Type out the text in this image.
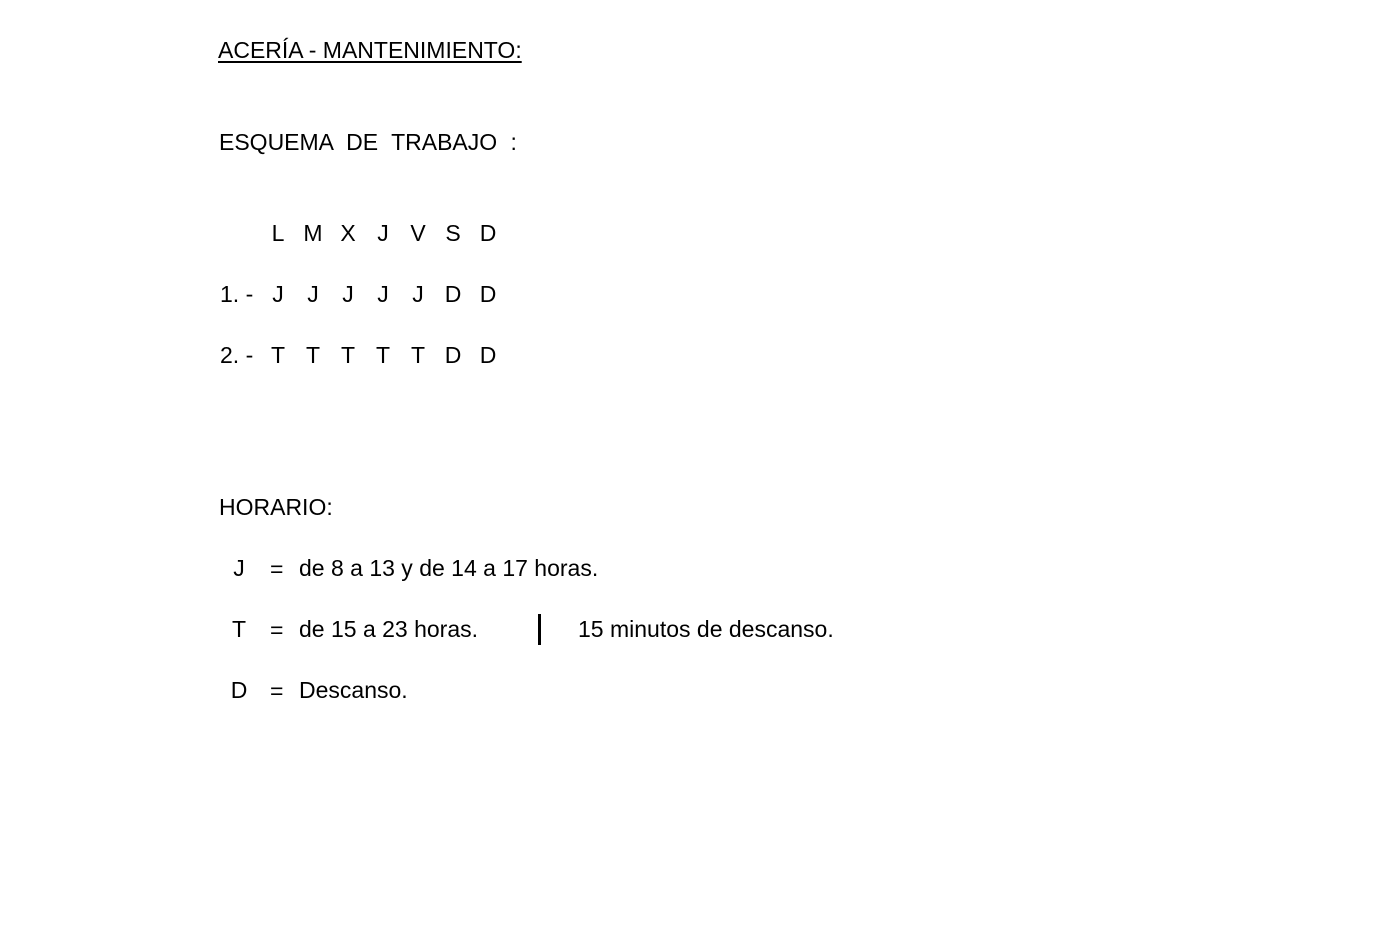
ACERÍA - MANTENIMIENTO:
ESQUEMA DE TRABAJO :
L M X J V S D
1. - J	J	J	J	J D D
2. - T T T T T D D
HORARIO:
J = de 8 a 13 y de 14 a 17 horas.
T = de 15 a 23 horas.	15 minutos de descanso.
D = Descanso.
